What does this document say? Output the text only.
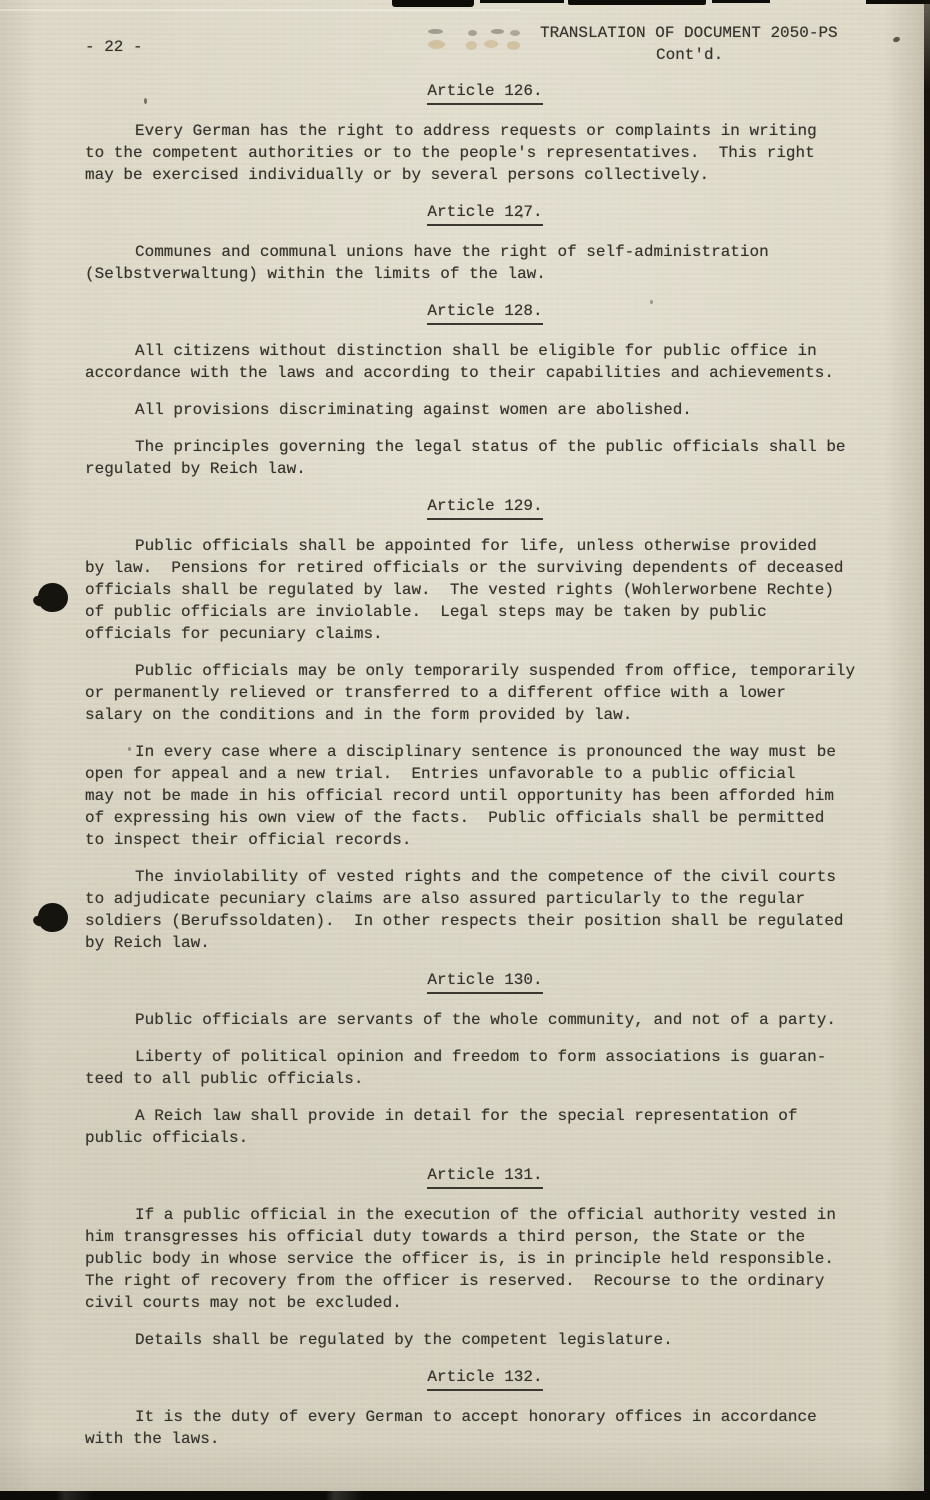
- 22 -
TRANSLATION OF DOCUMENT 2050-PS
Cont'd.
Article 126.
Every German has the right to address requests or complaints in writing
to the competent authorities or to the people's representatives.  This right
may be exercised individually or by several persons collectively.
Article 127.
Communes and communal unions have the right of self-administration
(Selbstverwaltung) within the limits of the law.
Article 128.
All citizens without distinction shall be eligible for public office in
accordance with the laws and according to their capabilities and achievements.
All provisions discriminating against women are abolished.
The principles governing the legal status of the public officials shall be
regulated by Reich law.
Article 129.
Public officials shall be appointed for life, unless otherwise provided
by law.  Pensions for retired officials or the surviving dependents of deceased
officials shall be regulated by law.  The vested rights (Wohlerworbene Rechte)
of public officials are inviolable.  Legal steps may be taken by public
officials for pecuniary claims.
Public officials may be only temporarily suspended from office, temporarily
or permanently relieved or transferred to a different office with a lower
salary on the conditions and in the form provided by law.
In every case where a disciplinary sentence is pronounced the way must be
open for appeal and a new trial.  Entries unfavorable to a public official
may not be made in his official record until opportunity has been afforded him
of expressing his own view of the facts.  Public officials shall be permitted
to inspect their official records.
The inviolability of vested rights and the competence of the civil courts
to adjudicate pecuniary claims are also assured particularly to the regular
soldiers (Berufssoldaten).  In other respects their position shall be regulated
by Reich law.
Article 130.
Public officials are servants of the whole community, and not of a party.
Liberty of political opinion and freedom to form associations is guaran-
teed to all public officials.
A Reich law shall provide in detail for the special representation of
public officials.
Article 131.
If a public official in the execution of the official authority vested in
him transgresses his official duty towards a third person, the State or the
public body in whose service the officer is, is in principle held responsible.
The right of recovery from the officer is reserved.  Recourse to the ordinary
civil courts may not be excluded.
Details shall be regulated by the competent legislature.
Article 132.
It is the duty of every German to accept honorary offices in accordance
with the laws.
